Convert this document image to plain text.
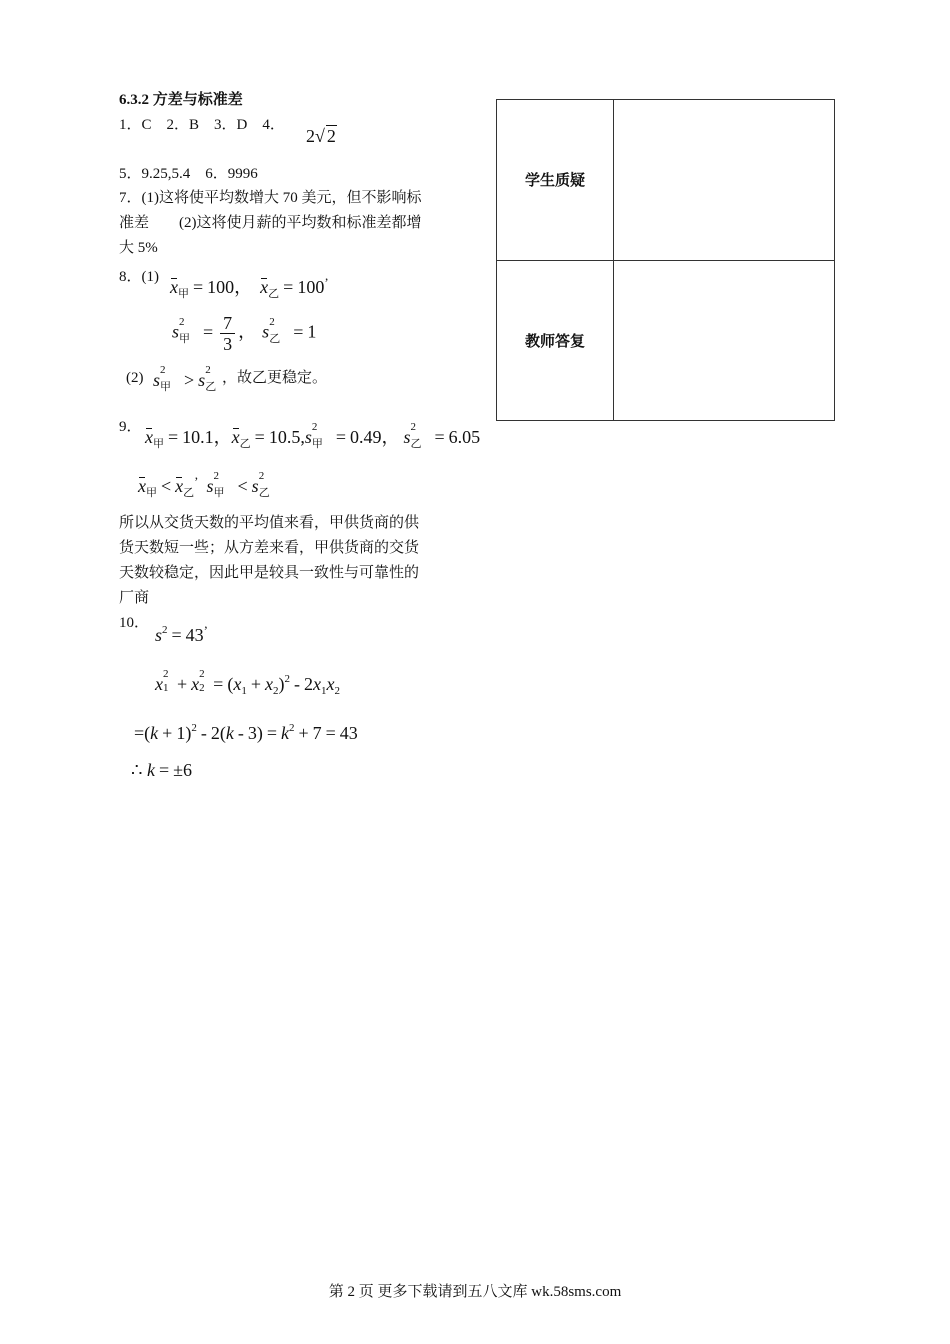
6.3.2 方差与标准差
1．C　2．B　3．D　4．
2√ 2
5．9.25,5.4　6．9996
7．(1)这将使平均数增大 70 美元，但不影响标
准差　　(2)这将使月薪的平均数和标准差都增
大 5%
8．(1) $x_甲 = 100$， $x_乙 = 100^’$
s 2
甲 = $\frac{7}{3}$ ， s 2
乙 = 1
(2) s 2
甲 > s 2
乙
，故乙更稳定。
9． $x_甲 = 10.1$，$x_乙 = 10.5,s$ 2
甲 = 0.49， s 2
乙 = 6.05
$x_甲 < x_乙^’$ s 2
甲 < s 2
乙
所以从交货天数的平均值来看，甲供货商的供
货天数短一些；从方差来看，甲供货商的交货
天数较稳定，因此甲是较具一致性与可靠性的
厂商
10．
$s^2 = 43^’$
x 2
1 + x 2
$2 = (x_1 + x_2)^2 - 2x_1x_2$
$=(k + 1)^2 - 2(k - 3) = k^2 + 7 = 43$
∴ k = ±6
学生质疑	
教师答复	
第 2 页 更多下载请到五八文库 wk.58sms.com
